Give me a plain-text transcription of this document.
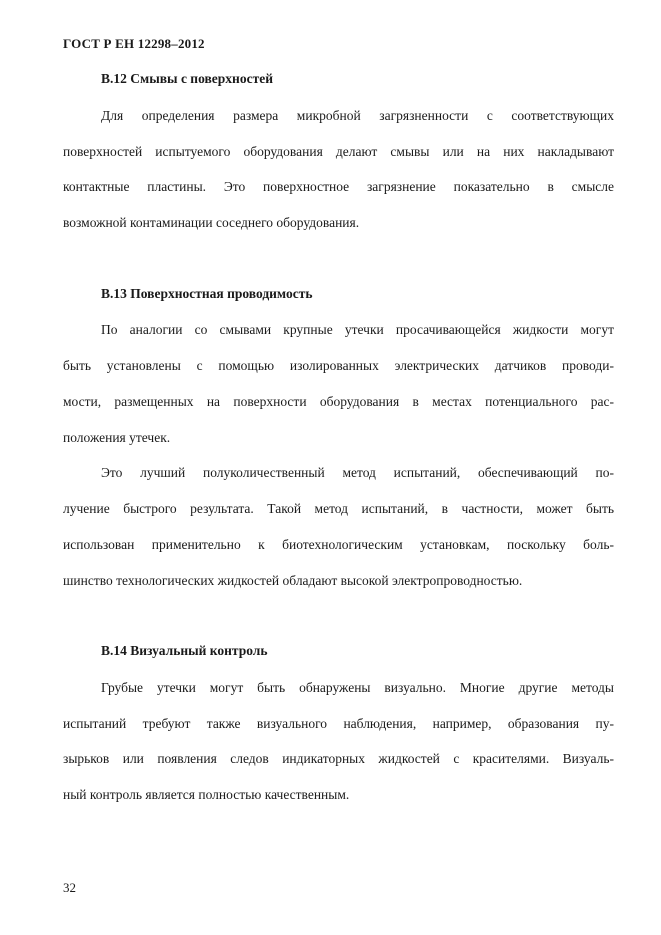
ГОСТ Р ЕН 12298–2012
В.12 Смывы с поверхностей
Для определения размера микробной загрязненности с соответствующих
поверхностей испытуемого оборудования делают смывы или на них накладывают
контактные пластины. Это поверхностное загрязнение показательно в смысле
возможной контаминации соседнего оборудования.
В.13 Поверхностная проводимость
По аналогии со смывами крупные утечки просачивающейся жидкости могут
быть установлены с помощью изолированных электрических датчиков проводи-
мости, размещенных на поверхности оборудования в местах потенциального рас-
положения утечек.
Это лучший полуколичественный метод испытаний, обеспечивающий по-
лучение быстрого результата. Такой метод испытаний, в частности, может быть
использован применительно к биотехнологическим установкам, поскольку боль-
шинство технологических жидкостей обладают высокой электропроводностью.
В.14 Визуальный контроль
Грубые утечки могут быть обнаружены визуально. Многие другие методы
испытаний требуют также визуального наблюдения, например, образования пу-
зырьков или появления следов индикаторных жидкостей с красителями. Визуаль-
ный контроль является полностью качественным.
32
